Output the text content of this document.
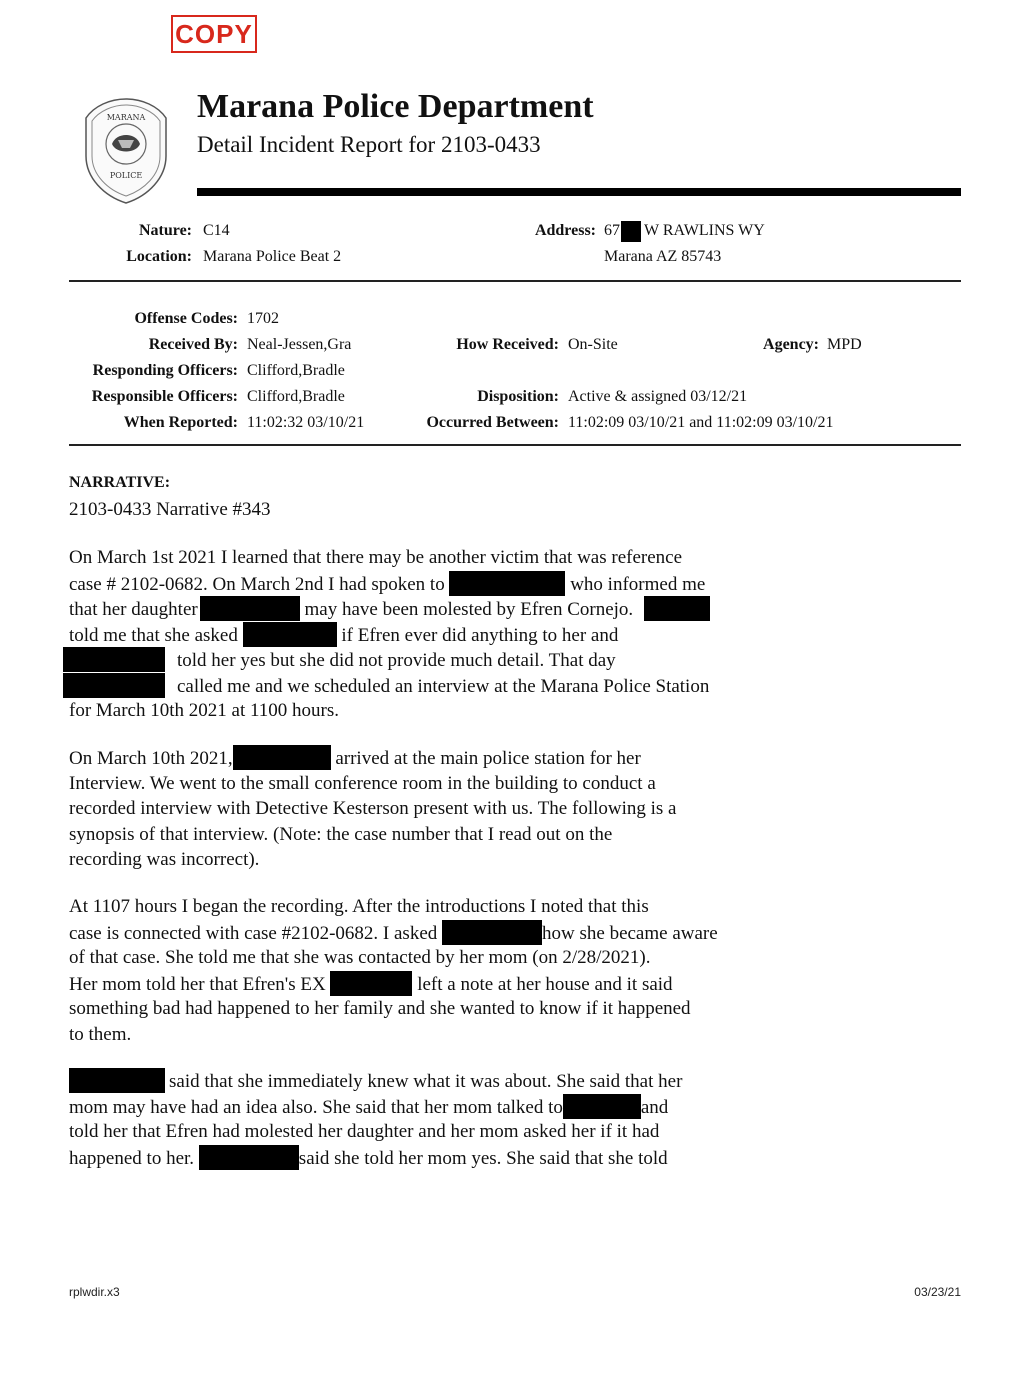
COPY
MARANA
POLICE
Marana Police Department
Detail Incident Report for 2103-0433
Nature: C14
Location: Marana Police Beat 2
Address: 67 W RAWLINS WY
Marana AZ 85743
Offense Codes: 1702
Received By: Neal-Jessen,Gra	How Received: On-Site	Agency: MPD
Responding Officers: Clifford,Bradle
Responsible Officers: Clifford,Bradle	Disposition: Active & assigned 03/12/21
When Reported: 11:02:32 03/10/21	Occurred Between: 11:02:09 03/10/21 and 11:02:09 03/10/21
NARRATIVE:
2103-0433 Narrative #343
On March 1st 2021 I learned that there may be another victim that was reference
case # 2102-0682. On March 2nd I had spoken to	who informed me
that her daughter	may have been molested by Efren Cornejo.
told me that she asked	if Efren ever did anything to her and
told her yes but she did not provide much detail. That day
called me and we scheduled an interview at the Marana Police Station
for March 10th 2021 at 1100 hours.
On March 10th 2021,	arrived at the main police station for her
Interview. We went to the small conference room in the building to conduct a
recorded interview with Detective Kesterson present with us. The following is a
synopsis of that interview. (Note: the case number that I read out on the
recording was incorrect).
At 1107 hours I began the recording. After the introductions I noted that this
case is connected with case #2102-0682. I asked	how she became aware
of that case. She told me that she was contacted by her mom (on 2/28/2021).
Her mom told her that Efren's EX	left a note at her house and it said
something bad had happened to her family and she wanted to know if it happened
to them.
said that she immediately knew what it was about. She said that her
mom may have had an idea also. She said that her mom talked to	and
told her that Efren had molested her daughter and her mom asked her if it had
happened to her.	said she told her mom yes. She said that she told
rplwdir.x3	03/23/21
